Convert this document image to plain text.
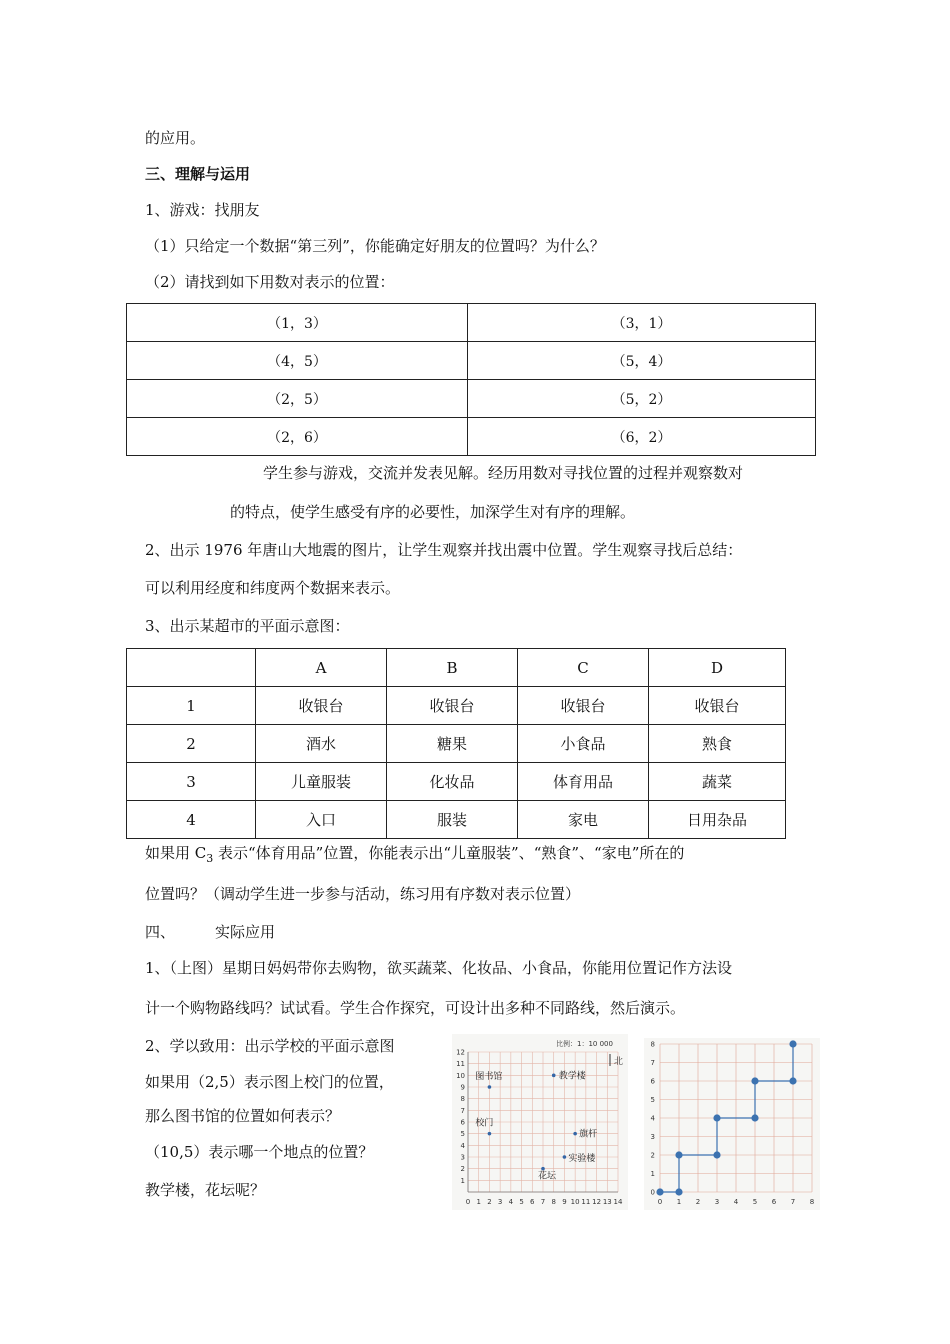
的应用。
三、理解与运用
1、游戏：找朋友
（1）只给定一个数据“第三列”，你能确定好朋友的位置吗？为什么？
（2）请找到如下用数对表示的位置：
（1，3）	（3，1）
（4，5）	（5，4）
（2，5）	（5，2）
（2，6）	（6，2）
学生参与游戏，交流并发表见解。经历用数对寻找位置的过程并观察数对
的特点，使学生感受有序的必要性，加深学生对有序的理解。
2、出示 1976 年唐山大地震的图片，让学生观察并找出震中位置。学生观察寻找后总结：
可以利用经度和纬度两个数据来表示。
3、出示某超市的平面示意图：
	A	B	C	D
1	收银台	收银台	收银台	收银台
2	酒水	糖果	小食品	熟食
3	儿童服装	化妆品	体育用品	蔬菜
4	入口	服装	家电	日用杂品
如果用 $C_3$ 表示“体育用品”位置，你能表示出“儿童服装”、“熟食”、“家电”所在的
位置吗？（调动学生进一步参与活动，练习用有序数对表示位置）
四、	实际应用
1、（上图）星期日妈妈带你去购物，欲买蔬菜、化妆品、小食品，你能用位置记作方法设
计一个购物路线吗？试试看。学生合作探究，可设计出多种不同路线，然后演示。
2、学以致用：出示学校的平面示意图
如果用（2,5）表示图上校门的位置，
那么图书馆的位置如何表示？
（10,5）表示哪一个地点的位置？
教学楼，花坛呢？
0 1 2 3 4 5 6 7 8 9 10 11 12 13 14
1
2
3
4
5
6
7
8
9
10
11
12
比例：1：10 000
北
图书馆	教学楼
校门
旗杆
实验楼
花坛
0 1 2 3 4 5 6 7 8
0
1
2
3
4
5
6
7
8
